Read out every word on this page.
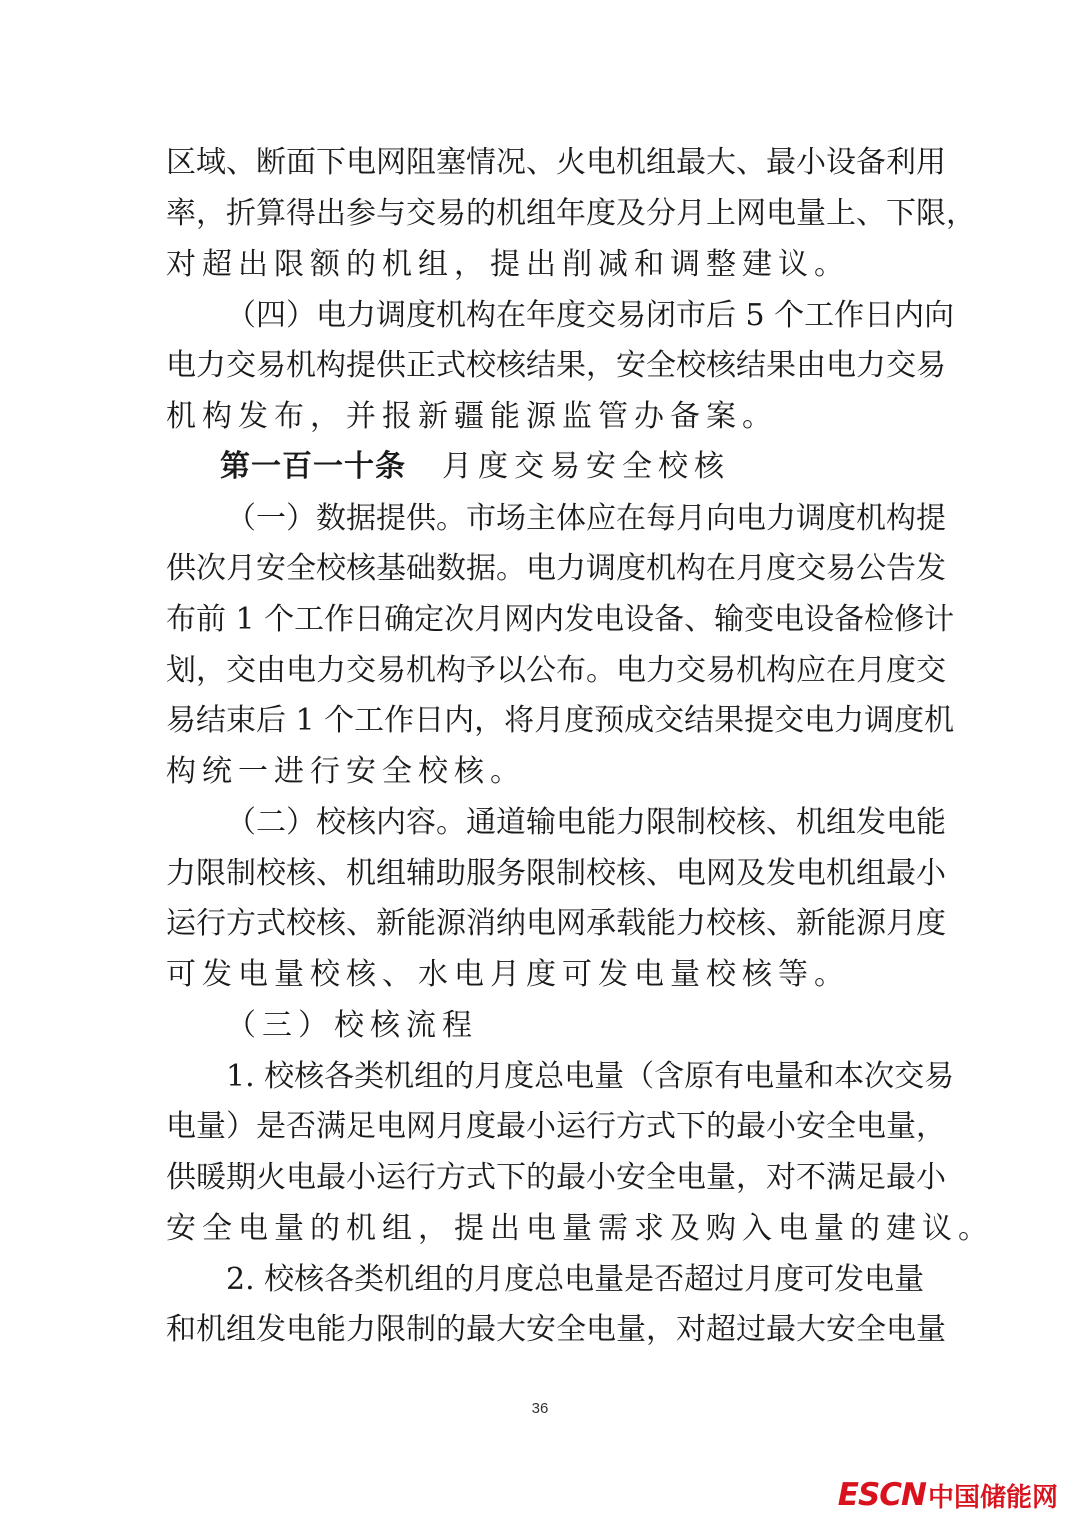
区域、断面下电网阻塞情况、火电机组最大、最小设备利用
率，折算得出参与交易的机组年度及分月上网电量上、下限，
对超出限额的机组，提出削减和调整建议。
（四）电力调度机构在年度交易闭市后 5 个工作日内向
电力交易机构提供正式校核结果，安全校核结果由电力交易
机构发布，并报新疆能源监管办备案。
第一百一十条 月度交易安全校核
（一）数据提供。市场主体应在每月向电力调度机构提
供次月安全校核基础数据。电力调度机构在月度交易公告发
布前 1 个工作日确定次月网内发电设备、输变电设备检修计
划，交由电力交易机构予以公布。电力交易机构应在月度交
易结束后 1 个工作日内，将月度预成交结果提交电力调度机
构统一进行安全校核。
（二）校核内容。通道输电能力限制校核、机组发电能
力限制校核、机组辅助服务限制校核、电网及发电机组最小
运行方式校核、新能源消纳电网承载能力校核、新能源月度
可发电量校核、水电月度可发电量校核等。
（三）校核流程
1. 校核各类机组的月度总电量（含原有电量和本次交易
电量）是否满足电网月度最小运行方式下的最小安全电量，
供暖期火电最小运行方式下的最小安全电量，对不满足最小
安全电量的机组，提出电量需求及购入电量的建议。
2. 校核各类机组的月度总电量是否超过月度可发电量
和机组发电能力限制的最大安全电量，对超过最大安全电量
36
ESCN 中国储能网
